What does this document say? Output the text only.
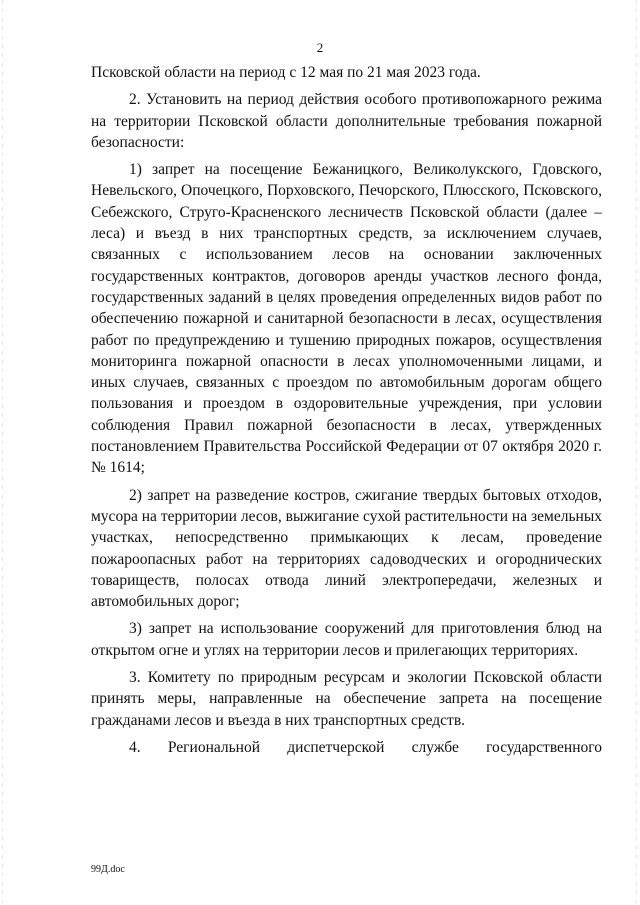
2

Псковской области на период с 12 мая по 21 мая 2023 года.

2. Установить на период действия особого противопожарного режима на территории Псковской области дополнительные требования пожарной безопасности:

1) запрет на посещение Бежаницкого, Великолукского, Гдовского, Невельского, Опочецкого, Порховского, Печорского, Плюсского, Псковского, Себежского, Струго-Красненского лесничеств Псковской области (далее – леса) и въезд в них транспортных средств, за исключением случаев, связанных с использованием лесов на основании заключенных государственных контрактов, договоров аренды участков лесного фонда, государственных заданий в целях проведения определенных видов работ по обеспечению пожарной и санитарной безопасности в лесах, осуществления работ по предупреждению и тушению природных пожаров, осуществления мониторинга пожарной опасности в лесах уполномоченными лицами, и иных случаев, связанных с проездом по автомобильным дорогам общего пользования и проездом в оздоровительные учреждения, при условии соблюдения Правил пожарной безопасности в лесах, утвержденных постановлением Правительства Российской Федерации от 07 октября 2020 г. № 1614;

2) запрет на разведение костров, сжигание твердых бытовых отходов, мусора на территории лесов, выжигание сухой растительности на земельных участках, непосредственно примыкающих к лесам, проведение пожароопасных работ на территориях садоводческих и огороднических товариществ, полосах отвода линий электропередачи, железных и автомобильных дорог;

3) запрет на использование сооружений для приготовления блюд на открытом огне и углях на территории лесов и прилегающих территориях.

3. Комитету по природным ресурсам и экологии Псковской области принять меры, направленные на обеспечение запрета на посещение гражданами лесов и въезда в них транспортных средств.

4. Региональной диспетчерской службе государственного

99Д.doc
